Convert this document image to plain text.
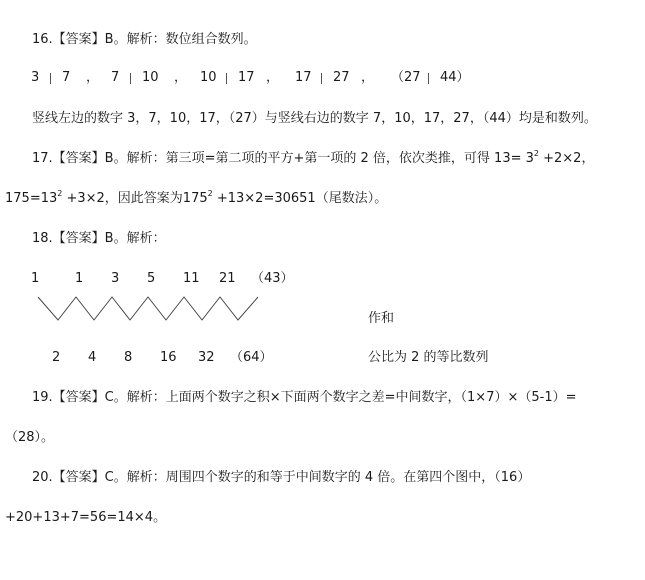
16.【答案】B。解析：数位组合数列。
3 7 ， 7 10 ， 10 17 ， 17 27 ， （27 44）
竖线左边的数字 3，7，10，17，（27）与竖线右边的数字 7，10，17，27，（44）均是和数列。
17.【答案】B。解析：第三项=第二项的平方+第一项的 2 倍，依次类推，可得 $13= 3^2 +2\times 2$，
$175=13^2 +3\times 2$，因此答案为$175^2 +13\times 2=30651$（尾数法）。
18.【答案】B。解析：
1	1 3 5 11 21 （43）
作和
2 4 8 16 32 （64）	公比为 2 的等比数列
19.【答案】C。解析：上面两个数字之积×下面两个数字之差=中间数字，（1×7）×（5-1）=
（28）。
20.【答案】C。解析：周围四个数字的和等于中间数字的 4 倍。在第四个图中，（16）
+20+13+7=56=14×4。
